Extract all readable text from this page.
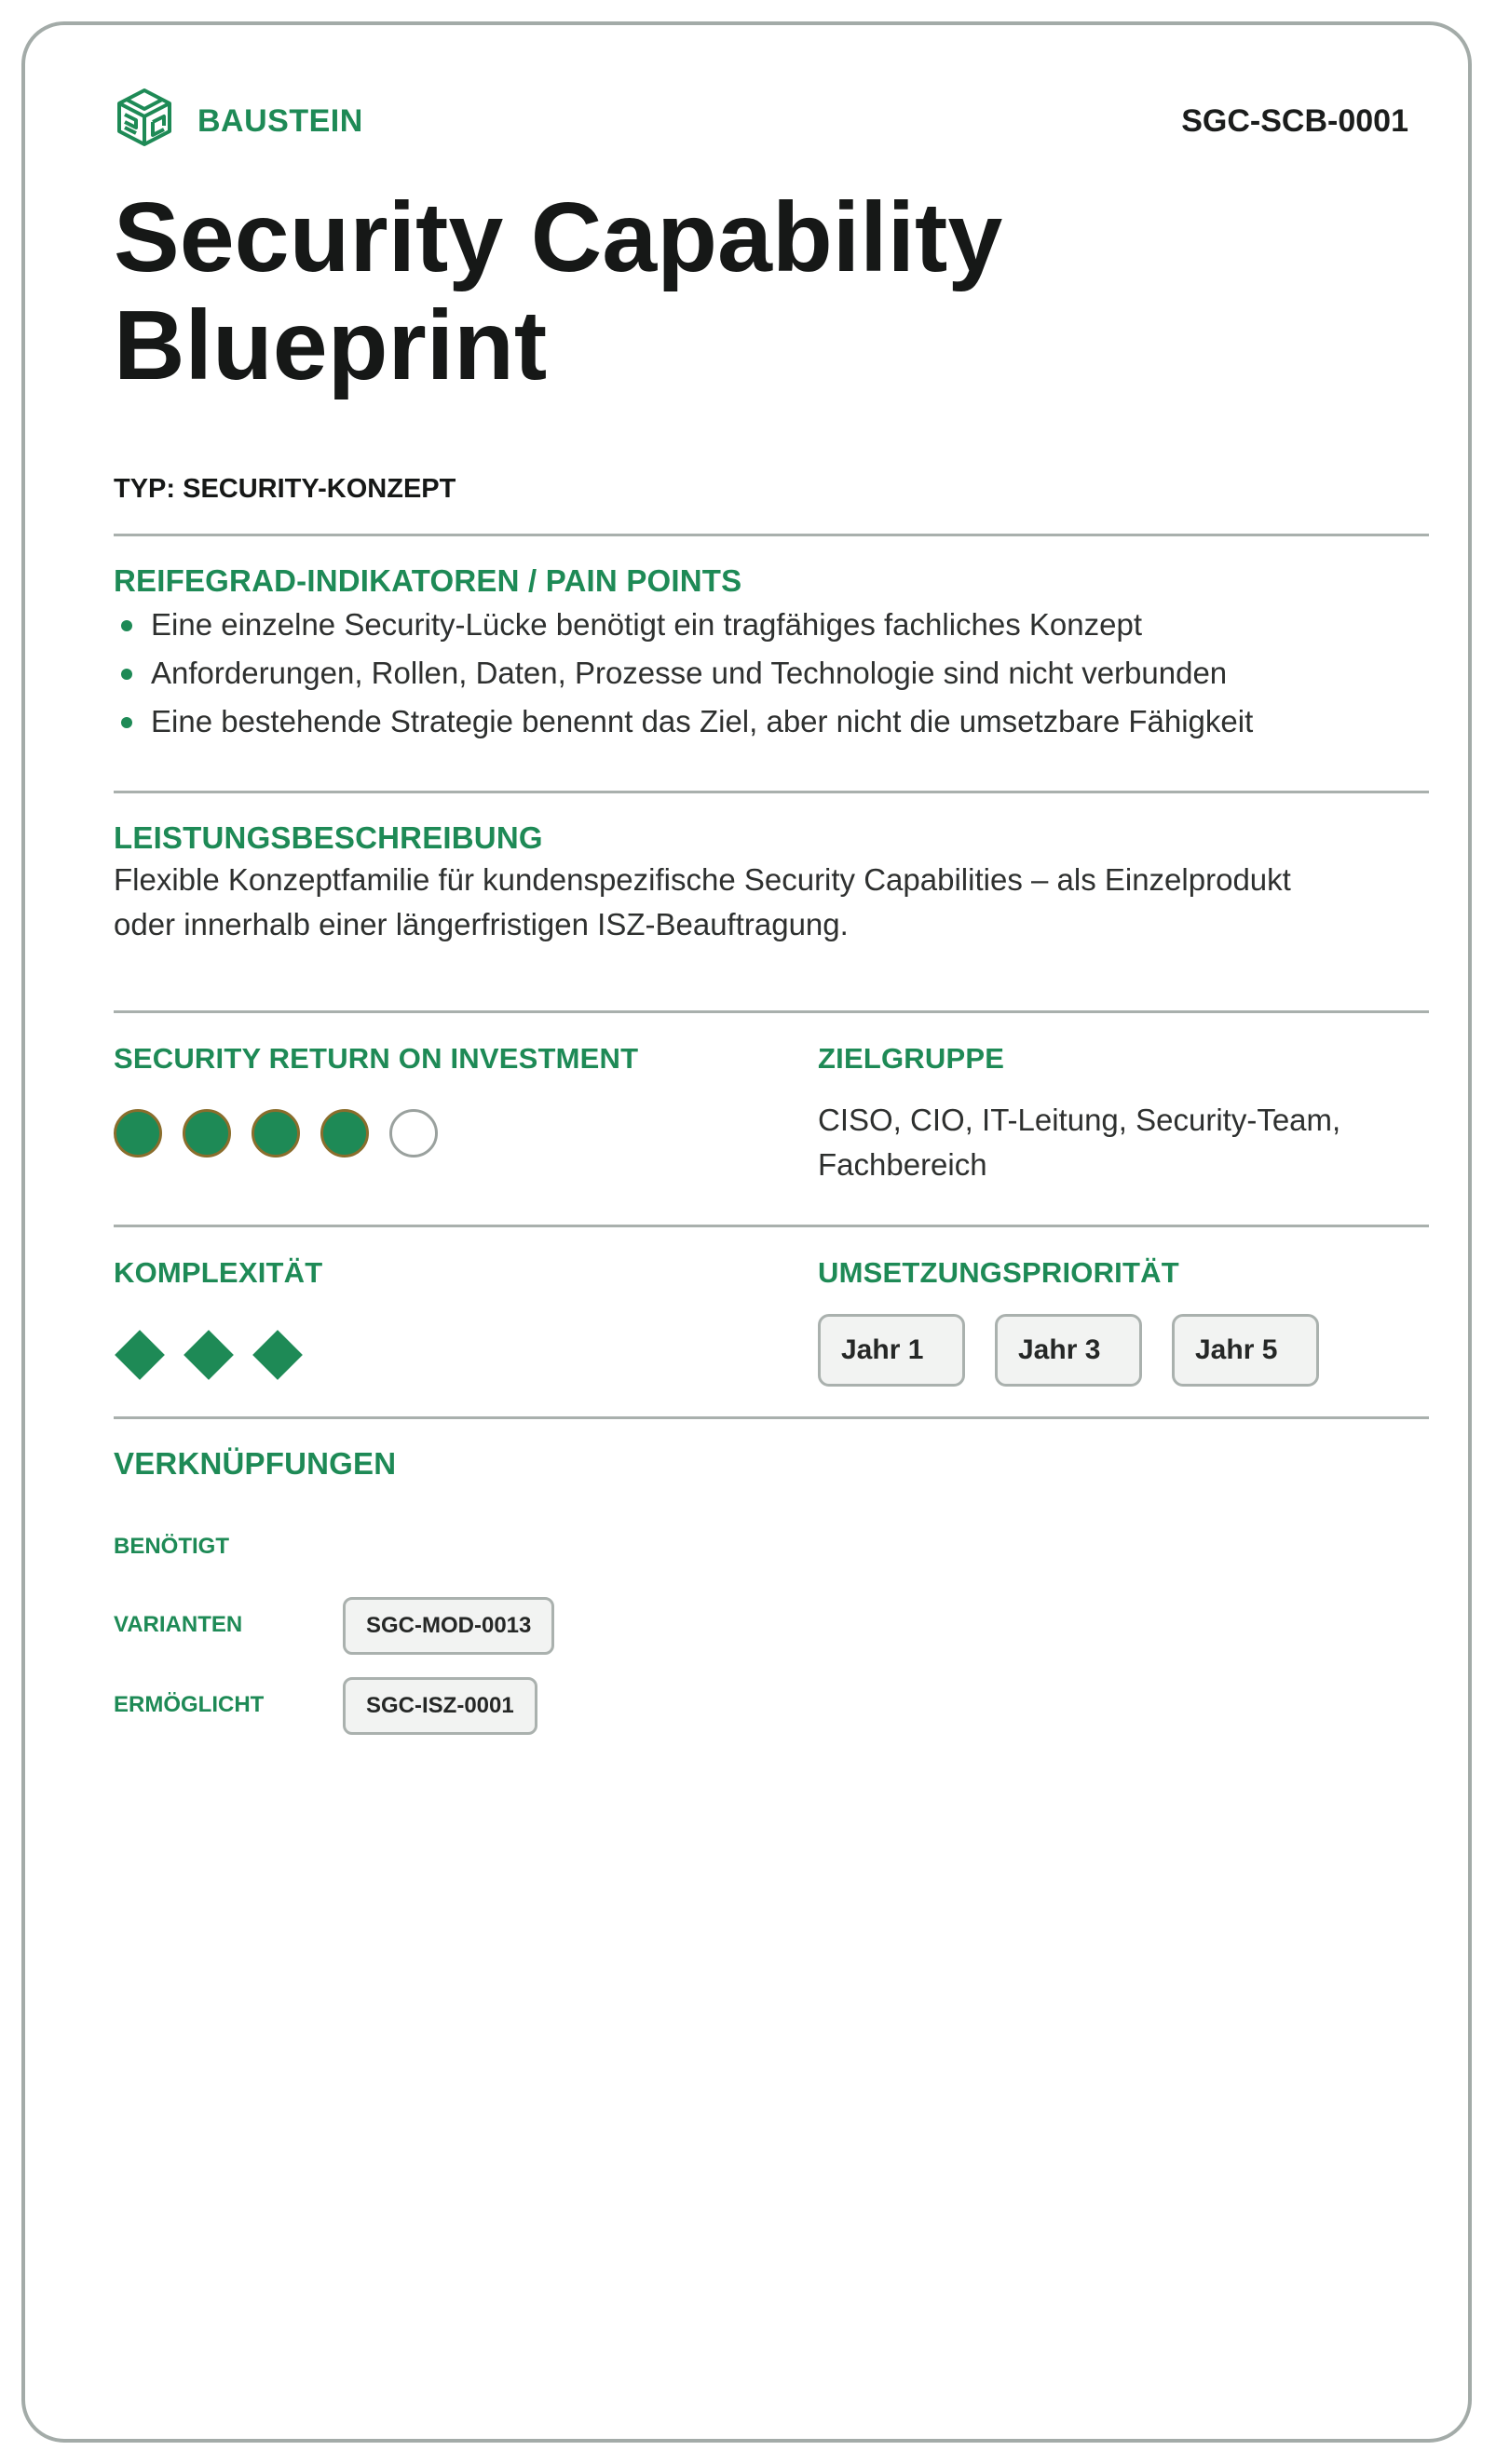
BAUSTEIN	SGC-SCB-0001
Security Capability
Blueprint
TYP: SECURITY-KONZEPT
REIFEGRAD-INDIKATOREN / PAIN POINTS
Eine einzelne Security-Lücke benötigt ein tragfähiges fachliches Konzept
Anforderungen, Rollen, Daten, Prozesse und Technologie sind nicht verbunden
Eine bestehende Strategie benennt das Ziel, aber nicht die umsetzbare Fähigkeit
LEISTUNGSBESCHREIBUNG
Flexible Konzeptfamilie für kundenspezifische Security Capabilities – als Einzelprodukt
oder innerhalb einer längerfristigen ISZ-Beauftragung.
SECURITY RETURN ON INVESTMENT	ZIELGRUPPE
CISO, CIO, IT-Leitung, Security-Team,
Fachbereich
KOMPLEXITÄT	UMSETZUNGSPRIORITÄT
Jahr 1	Jahr 3	Jahr 5
VERKNÜPFUNGEN
BENÖTIGT
VARIANTEN	SGC-MOD-0013
ERMÖGLICHT	SGC-ISZ-0001
